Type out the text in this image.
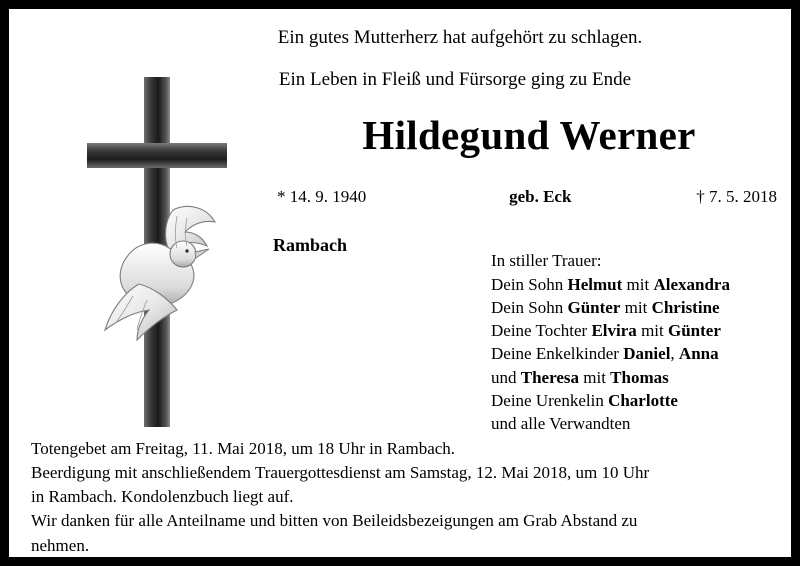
Ein gutes Mutterherz hat aufgehört zu schlagen.
Ein Leben in Fleiß und Fürsorge ging zu Ende
Hildegund Werner
* 14. 9. 1940	geb. Eck	† 7. 5. 2018
Rambach
In stiller Trauer:
Dein Sohn Helmut mit Alexandra
Dein Sohn Günter mit Christine
Deine Tochter Elvira mit Günter
Deine Enkelkinder Daniel, Anna
und Theresa mit Thomas
Deine Urenkelin Charlotte
und alle Verwandten

Totengebet am Freitag, 11. Mai 2018, um 18 Uhr in Rambach.

Beerdigung mit anschließendem Trauergottesdienst am Samstag, 12. Mai 2018, um 10 Uhr

in Rambach. Kondolenzbuch liegt auf.

Wir danken für alle Anteilname und bitten von Beileidsbezeigungen am Grab Abstand zu

nehmen.
